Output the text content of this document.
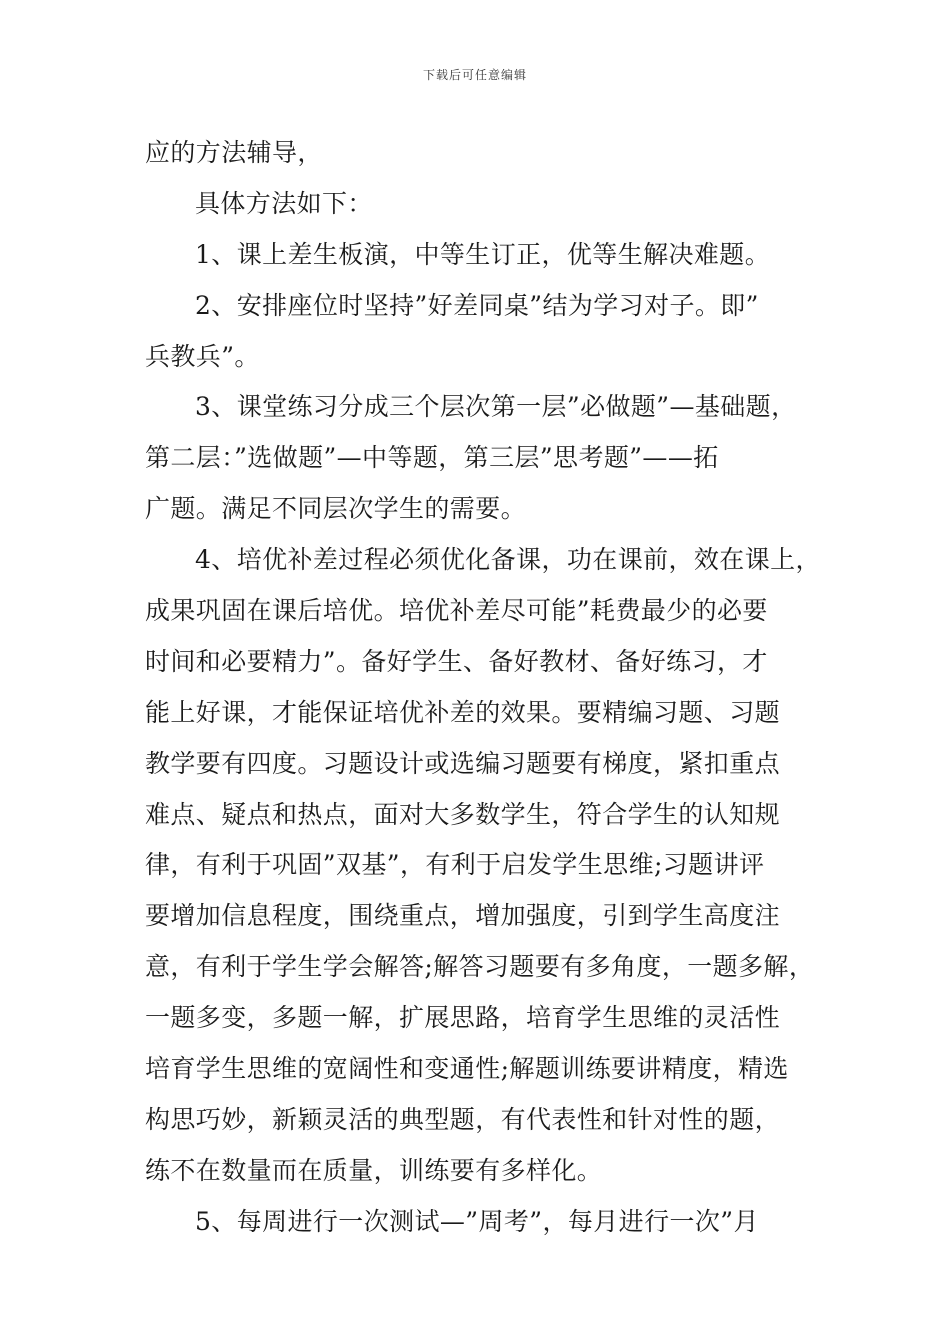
下载后可任意编辑
应的方法辅导，
具体方法如下：
1、课上差生板演，中等生订正，优等生解决难题。
2、安排座位时坚持”好差同桌”结为学习对子。即”
兵教兵”。
3、课堂练习分成三个层次第一层”必做题”—基础题，
第二层：”选做题”—中等题，第三层”思考题”——拓
广题。满足不同层次学生的需要。
4、培优补差过程必须优化备课，功在课前，效在课上，
成果巩固在课后培优。培优补差尽可能”耗费最少的必要
时间和必要精力”。备好学生、备好教材、备好练习，才
能上好课，才能保证培优补差的效果。要精编习题、习题
教学要有四度。习题设计或选编习题要有梯度，紧扣重点
难点、疑点和热点，面对大多数学生，符合学生的认知规
律，有利于巩固”双基”，有利于启发学生思维;习题讲评
要增加信息程度，围绕重点，增加强度，引到学生高度注
意，有利于学生学会解答;解答习题要有多角度，一题多解，
一题多变，多题一解，扩展思路，培育学生思维的灵活性
培育学生思维的宽阔性和变通性;解题训练要讲精度，精选
构思巧妙，新颖灵活的典型题，有代表性和针对性的题，
练不在数量而在质量，训练要有多样化。
5、每周进行一次测试—”周考”，每月进行一次”月
